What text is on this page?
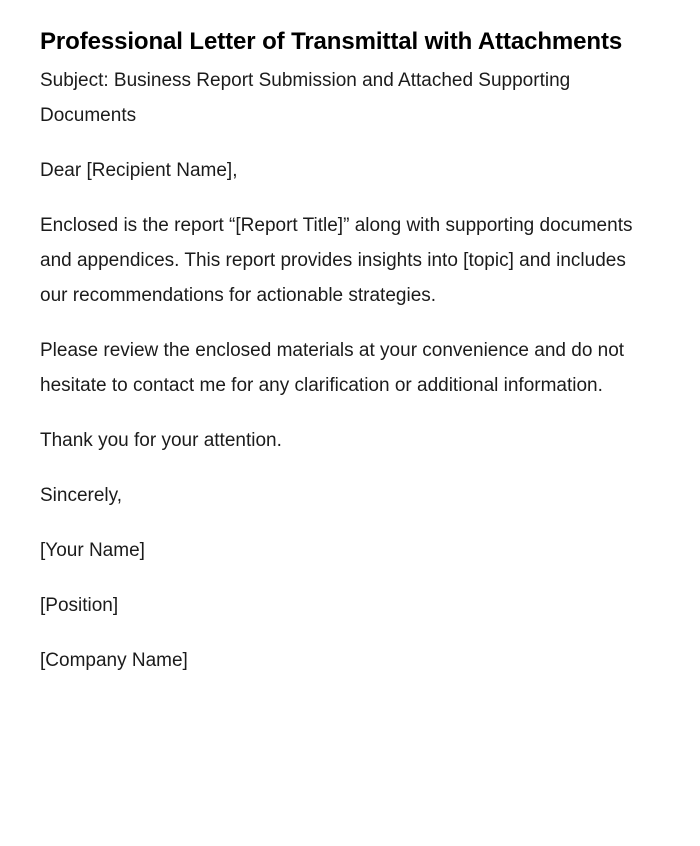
Professional Letter of Transmittal with Attachments

Subject: Business Report Submission and Attached Supporting Documents

Dear [Recipient Name],

Enclosed is the report “[Report Title]” along with supporting documents and appendices. This report provides insights into [topic] and includes our recommendations for actionable strategies.

Please review the enclosed materials at your convenience and do not hesitate to contact me for any clarification or additional information.

Thank you for your attention.

Sincerely,

[Your Name]

[Position]

[Company Name]
